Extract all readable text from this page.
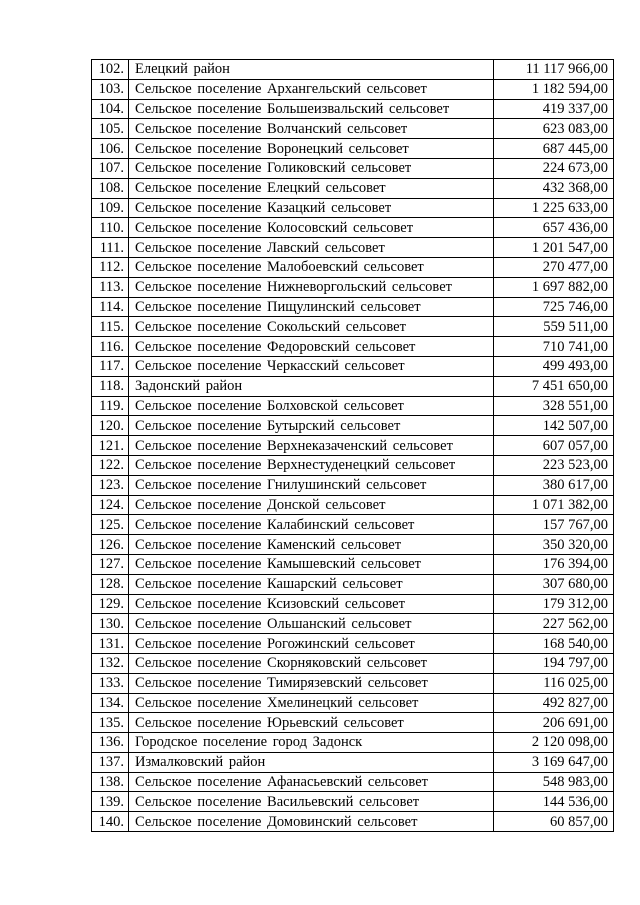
102.	Елецкий район	11 117 966,00
103.	Сельское поселение Архангельский сельсовет	1 182 594,00
104.	Сельское поселение Большеизвальский сельсовет	419 337,00
105.	Сельское поселение Волчанский сельсовет	623 083,00
106.	Сельское поселение Воронецкий сельсовет	687 445,00
107.	Сельское поселение Голиковский сельсовет	224 673,00
108.	Сельское поселение Елецкий сельсовет	432 368,00
109.	Сельское поселение Казацкий сельсовет	1 225 633,00
110.	Сельское поселение Колосовский сельсовет	657 436,00
111.	Сельское поселение Лавский сельсовет	1 201 547,00
112.	Сельское поселение Малобоевский сельсовет	270 477,00
113.	Сельское поселение Нижневоргольский сельсовет	1 697 882,00
114.	Сельское поселение Пищулинский сельсовет	725 746,00
115.	Сельское поселение Сокольский сельсовет	559 511,00
116.	Сельское поселение Федоровский сельсовет	710 741,00
117.	Сельское поселение Черкасский сельсовет	499 493,00
118.	Задонский район	7 451 650,00
119.	Сельское поселение Болховской сельсовет	328 551,00
120.	Сельское поселение Бутырский сельсовет	142 507,00
121.	Сельское поселение Верхнеказаченский сельсовет	607 057,00
122.	Сельское поселение Верхнестуденецкий сельсовет	223 523,00
123.	Сельское поселение Гнилушинский сельсовет	380 617,00
124.	Сельское поселение Донской сельсовет	1 071 382,00
125.	Сельское поселение Калабинский сельсовет	157 767,00
126.	Сельское поселение Каменский сельсовет	350 320,00
127.	Сельское поселение Камышевский сельсовет	176 394,00
128.	Сельское поселение Кашарский сельсовет	307 680,00
129.	Сельское поселение Ксизовский сельсовет	179 312,00
130.	Сельское поселение Ольшанский сельсовет	227 562,00
131.	Сельское поселение Рогожинский сельсовет	168 540,00
132.	Сельское поселение Скорняковский сельсовет	194 797,00
133.	Сельское поселение Тимирязевский сельсовет	116 025,00
134.	Сельское поселение Хмелинецкий сельсовет	492 827,00
135.	Сельское поселение Юрьевский сельсовет	206 691,00
136.	Городское поселение город Задонск	2 120 098,00
137.	Измалковский район	3 169 647,00
138.	Сельское поселение Афанасьевский сельсовет	548 983,00
139.	Сельское поселение Васильевский сельсовет	144 536,00
140.	Сельское поселение Домовинский сельсовет	60 857,00
